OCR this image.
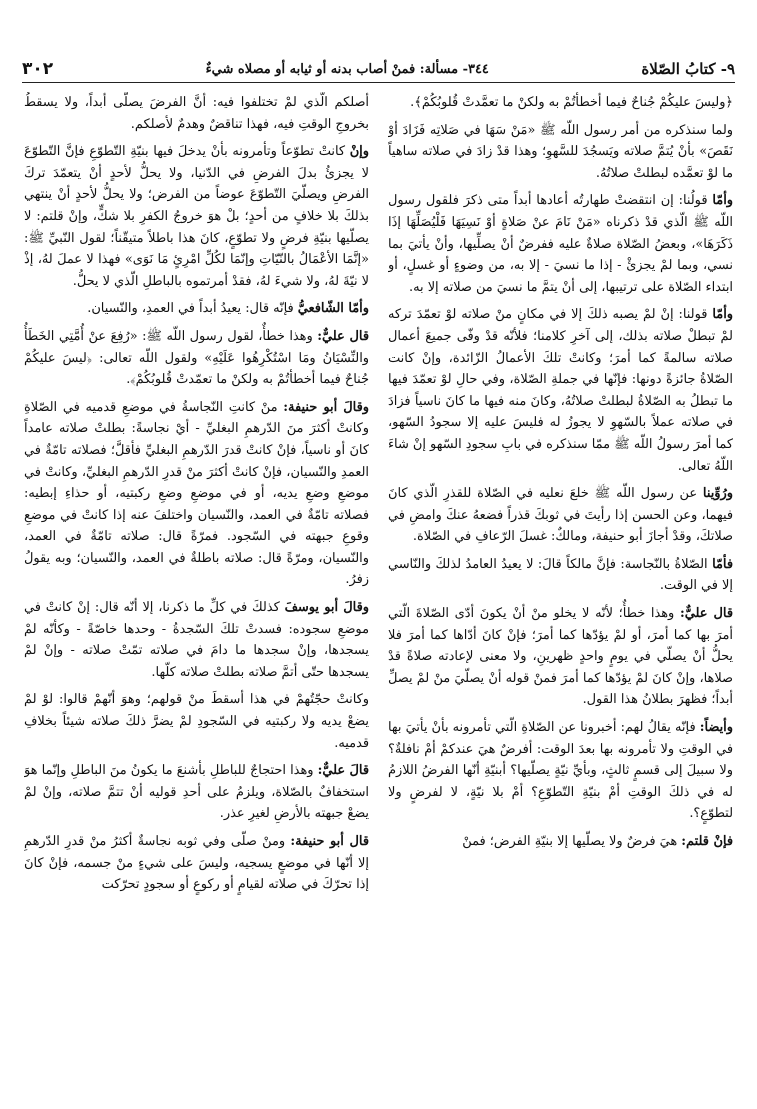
٣٠٢	٣٤٤- مسألة: فمنْ أصاب بدنه أو ثيابه أو مصلاه شيءٌ	٩- كتابُ الصّلاة

﴿وليسَ عليكُمْ جُناحٌ فيما أخطأتُمْ به ولكنْ ما تعمَّدتْ قُلوبُكُمْ﴾.

ولما سنذكره من أمر رسول اللّه ﷺ «مَنْ سَهَا في صَلاتِه فَزَادَ أوْ نَقَصَ» بأنْ يُتمَّ صلاته ويَسجُدَ للسَّهوِ؛ وهذا قدْ زادَ في صلاته ساهياً ما لوْ تعمَّده لبطلتْ صلاتُهُ.

وأمّا قولُنا: إن انتقضتْ طهارتُه أعادها أبداً متى ذكرَ فلقول رسول اللّه ﷺ الّذي قدْ ذكرناه «مَنْ نَامَ عنْ صَلاةٍ أوْ نَسِيَهَا فَلْيُصَلِّهَا إذَا ذَكَرَهَا»، وبعضُ الصّلاة صلاةٌ عليه ففرضٌ أنْ يصلِّيها، وأنْ يأتيَ بما نسي، وبما لمْ يجزئْ - إذا ما نسيَ - إلا به، من وضوءٍ أو غسلٍ، أو ابتداء الصّلاة على ترتيبها، إلى أنْ يتمَّ ما نسيَ من صلاته إلا به.

وأمّا قولنا: إنْ لمْ يصبه ذلكَ إلا في مكانٍ منْ صلاته لوْ تعمّدَ تركه لمْ تبطلْ صلاته بذلك، إلى آخرِ كلامنا؛ فلأنّه قدْ وفّى جميعَ أعمال صلاته سالمةً كما أمرَ؛ وكانتْ تلكَ الأعمالُ الزّائدة، وإنْ كانت الصّلاةُ جائزةً دونها: فإنّها في جملةِ الصّلاة، وفي حالِ لوْ تعمّدَ فيها ما تبطلُ به الصّلاةُ لبطلتْ صلاتُهُ، وكانَ منه فيها ما كانَ ناسياً فزادَ في صلاته عملاً بالسّهوِ لا يجوزُ له فليسَ عليه إلا سجودُ السّهو، كما أمرَ رسولُ اللّه ﷺ ممّا سنذكره في بابِ سجودِ السّهو إنْ شاءَ اللّهُ تعالى.

ورُوِّينا عن رسول اللّه ﷺ خلعَ نعليه في الصّلاة للقذرِ الّذي كانَ فيهما، وعن الحسن إذا رأيتَ في ثوبكَ قذراً فضعهُ عنكَ وامضِ في صلاتكَ، وقدْ أجازَ أبو حنيفة، ومالكٌ: غسلَ الرّعافِ في الصّلاة.

فأمّا الصّلاةُ بالنّجاسة: فإنَّ مالكاً قالَ: لا يعيدُ العامدُ لذلكَ والنّاسي إلا في الوقت.

قال عليٌّ: وهذا خطأٌ؛ لأنّه لا يخلو منْ أنْ يكونَ أدّى الصّلاةَ الّتي أمرَ بها كما أمرَ، أو لمْ يؤدّها كما أمرَ؛ فإنْ كانَ أدّاها كما أمرَ فلا يحلُّ أنْ يصلّي في يومٍ واحدٍ ظهرينِ، ولا معنى لإعادته صلاةً قدْ صلاها، وإنْ كانَ لمْ يؤدّها كما أمرَ فمنْ قوله أنْ يصلّيَ منْ لمْ يصلِّ أبداً؛ فظهرَ بطلانُ هذا القول.

وأيضاً: فإنّه يقالُ لهم: أخبرونا عن الصّلاةِ الّتي تأمرونه بأنْ يأتيَ بها في الوقتِ ولا تأمرونه بها بعدَ الوقت: أفرضٌ هيَ عندكمْ أمْ نافلةٌ؟ ولا سبيلَ إلى قسمٍ ثالثٍ، وبأيِّ نيّةٍ يصلّيها؟ أبنيّةِ أنّها الفرضُ اللازمُ له في ذلكَ الوقتِ أمْ بنيّةِ التّطوّعِ؟ أمْ بلا نيّةٍ، لا لفرضٍ ولا لتطوّعٍ؟.

فإنْ قلتم: هيَ فرضٌ ولا يصلّيها إلا بنيّةِ الفرض؛ فمنْ

أصلكم الّذي لمْ تختلفوا فيه: أنَّ الفرضَ يصلّى أبداً، ولا يسقطُ بخروجِ الوقتِ فيه، فهذا تناقضٌ وهدمٌ لأصلكم.

وإنْ كانتْ تطوّعاً وتأمرونه بأنْ يدخلَ فيها بنيّةِ التّطوّعِ فإنَّ التّطوّعَ لا يجزئُ بدلَ الفرضِ في الدّنيا، ولا يحلُّ لأحدٍ أنْ يتعمّدَ تركَ الفرضِ ويصلّيَ التّطوّعَ عوضاً من الفرض؛ ولا يحلُّ لأحدٍ أنْ ينتهي بذلكَ بلا خلافٍ من أحدٍ؛ بلْ هوَ خروجُ الكفرِ بلا شكٍّ، وإنْ قلتم: لا يصلّيها بنيّةِ فرضٍ ولا تطوّعٍ، كانَ هذا باطلاً متيقّناً؛ لقول النّبيِّ ﷺ: «إنَّمَا الأعْمَالُ بالنّيّاتِ وإنّمَا لكُلِّ امْرِئٍ مَا نَوَى» فهذا لا عملَ لهُ، إذْ لا نيّةَ لهُ، ولا شيءَ لهُ، فقدْ أمرتموه بالباطلِ الّذي لا يحلُّ.

وأمّا الشّافعيُّ فإنّه قال: يعيدُ أبداً في العمدِ، والنّسيان.

قال عليٌّ: وهذا خطأٌ، لقول رسول اللّه ﷺ: «رُفِعَ عنْ أُمَّتِي الخَطَأُ والنِّسْيَانُ ومَا اسْتُكْرِهُوا عَلَيْهِ» ولقول اللّه تعالى: ﴿ليسَ عليكُمْ جُناحٌ فيما أخطأتُمْ به ولكنْ ما تعمّدتْ قُلوبُكُمْ﴾.

وقالَ أبو حنيفة: منْ كانتِ النّجاسةُ في موضعِ قدميه في الصّلاةِ وكانتْ أكثرَ منَ الدّرهمِ البغليِّ - أيْ نجاسةً: بطلتْ صلاته عامداً كانَ أو ناسياً، فإنْ كانتْ قدرَ الدّرهمِ البغليِّ فأقلَّ؛ فصلاته تامّةٌ في العمدِ والنّسيان، فإنْ كانتْ أكثرَ منْ قدرِ الدّرهمِ البغليِّ، وكانتْ في موضعِ وضعِ يديه، أو في موضعِ وضعِ ركبتيه، أو حذاءِ إبطيه: فصلاته تامّةٌ في العمد، والنّسيان واختلفَ عنه إذا كانتْ في موضعِ وقوعِ جبهته في السّجود. فمرّةً قال: صلاته تامّةٌ في العمد، والنّسيان، ومرّةً قال: صلاته باطلةٌ في العمد، والنّسيان؛ وبه يقولُ زفرُ.

وقالَ أبو يوسفَ كذلكَ في كلِّ ما ذكرنا، إلا أنّه قال: إنْ كانتْ في موضعِ سجوده: فسدتْ تلكَ السّجدةُ - وحدها خاصّةً - وكأنّه لمْ يسجدها، وإنْ سجدها ما دامَ في صلاته تمّتْ صلاته - وإنْ لمْ يسجدها حتّى أتمَّ صلاته بطلتْ صلاته كلّها.

وكانتْ حجّتُهمْ في هذا أسقطَ منْ قولهم؛ وهوَ أنّهمْ قالوا: لوْ لمْ يضعْ يديه ولا ركبتيه في السّجودِ لمْ يضرَّ ذلكَ صلاته شيئاً بخلافِ قدميه.

قالَ عليٌّ: وهذا احتجاجٌ للباطلِ بأشنعَ ما يكونُ منَ الباطلِ وإنّما هوَ استخفافٌ بالصّلاة، ويلزمُ على أحدِ قوليه أنْ تتمَّ صلاته، وإنْ لمْ يضعْ جبهته بالأرضِ لغيرِ عذر.

قال أبو حنيفة: ومنْ صلّى وفي ثوبه نجاسةٌ أكثرُ منْ قدرِ الدّرهمِ إلا أنّها في موضعٍ يسجيه، وليسَ على شيءٍ منْ جسمه، فإنْ كانَ إذا تحرّكَ في صلاته لقيامٍ أو ركوعٍ أو سجودٍ تحرّكت
